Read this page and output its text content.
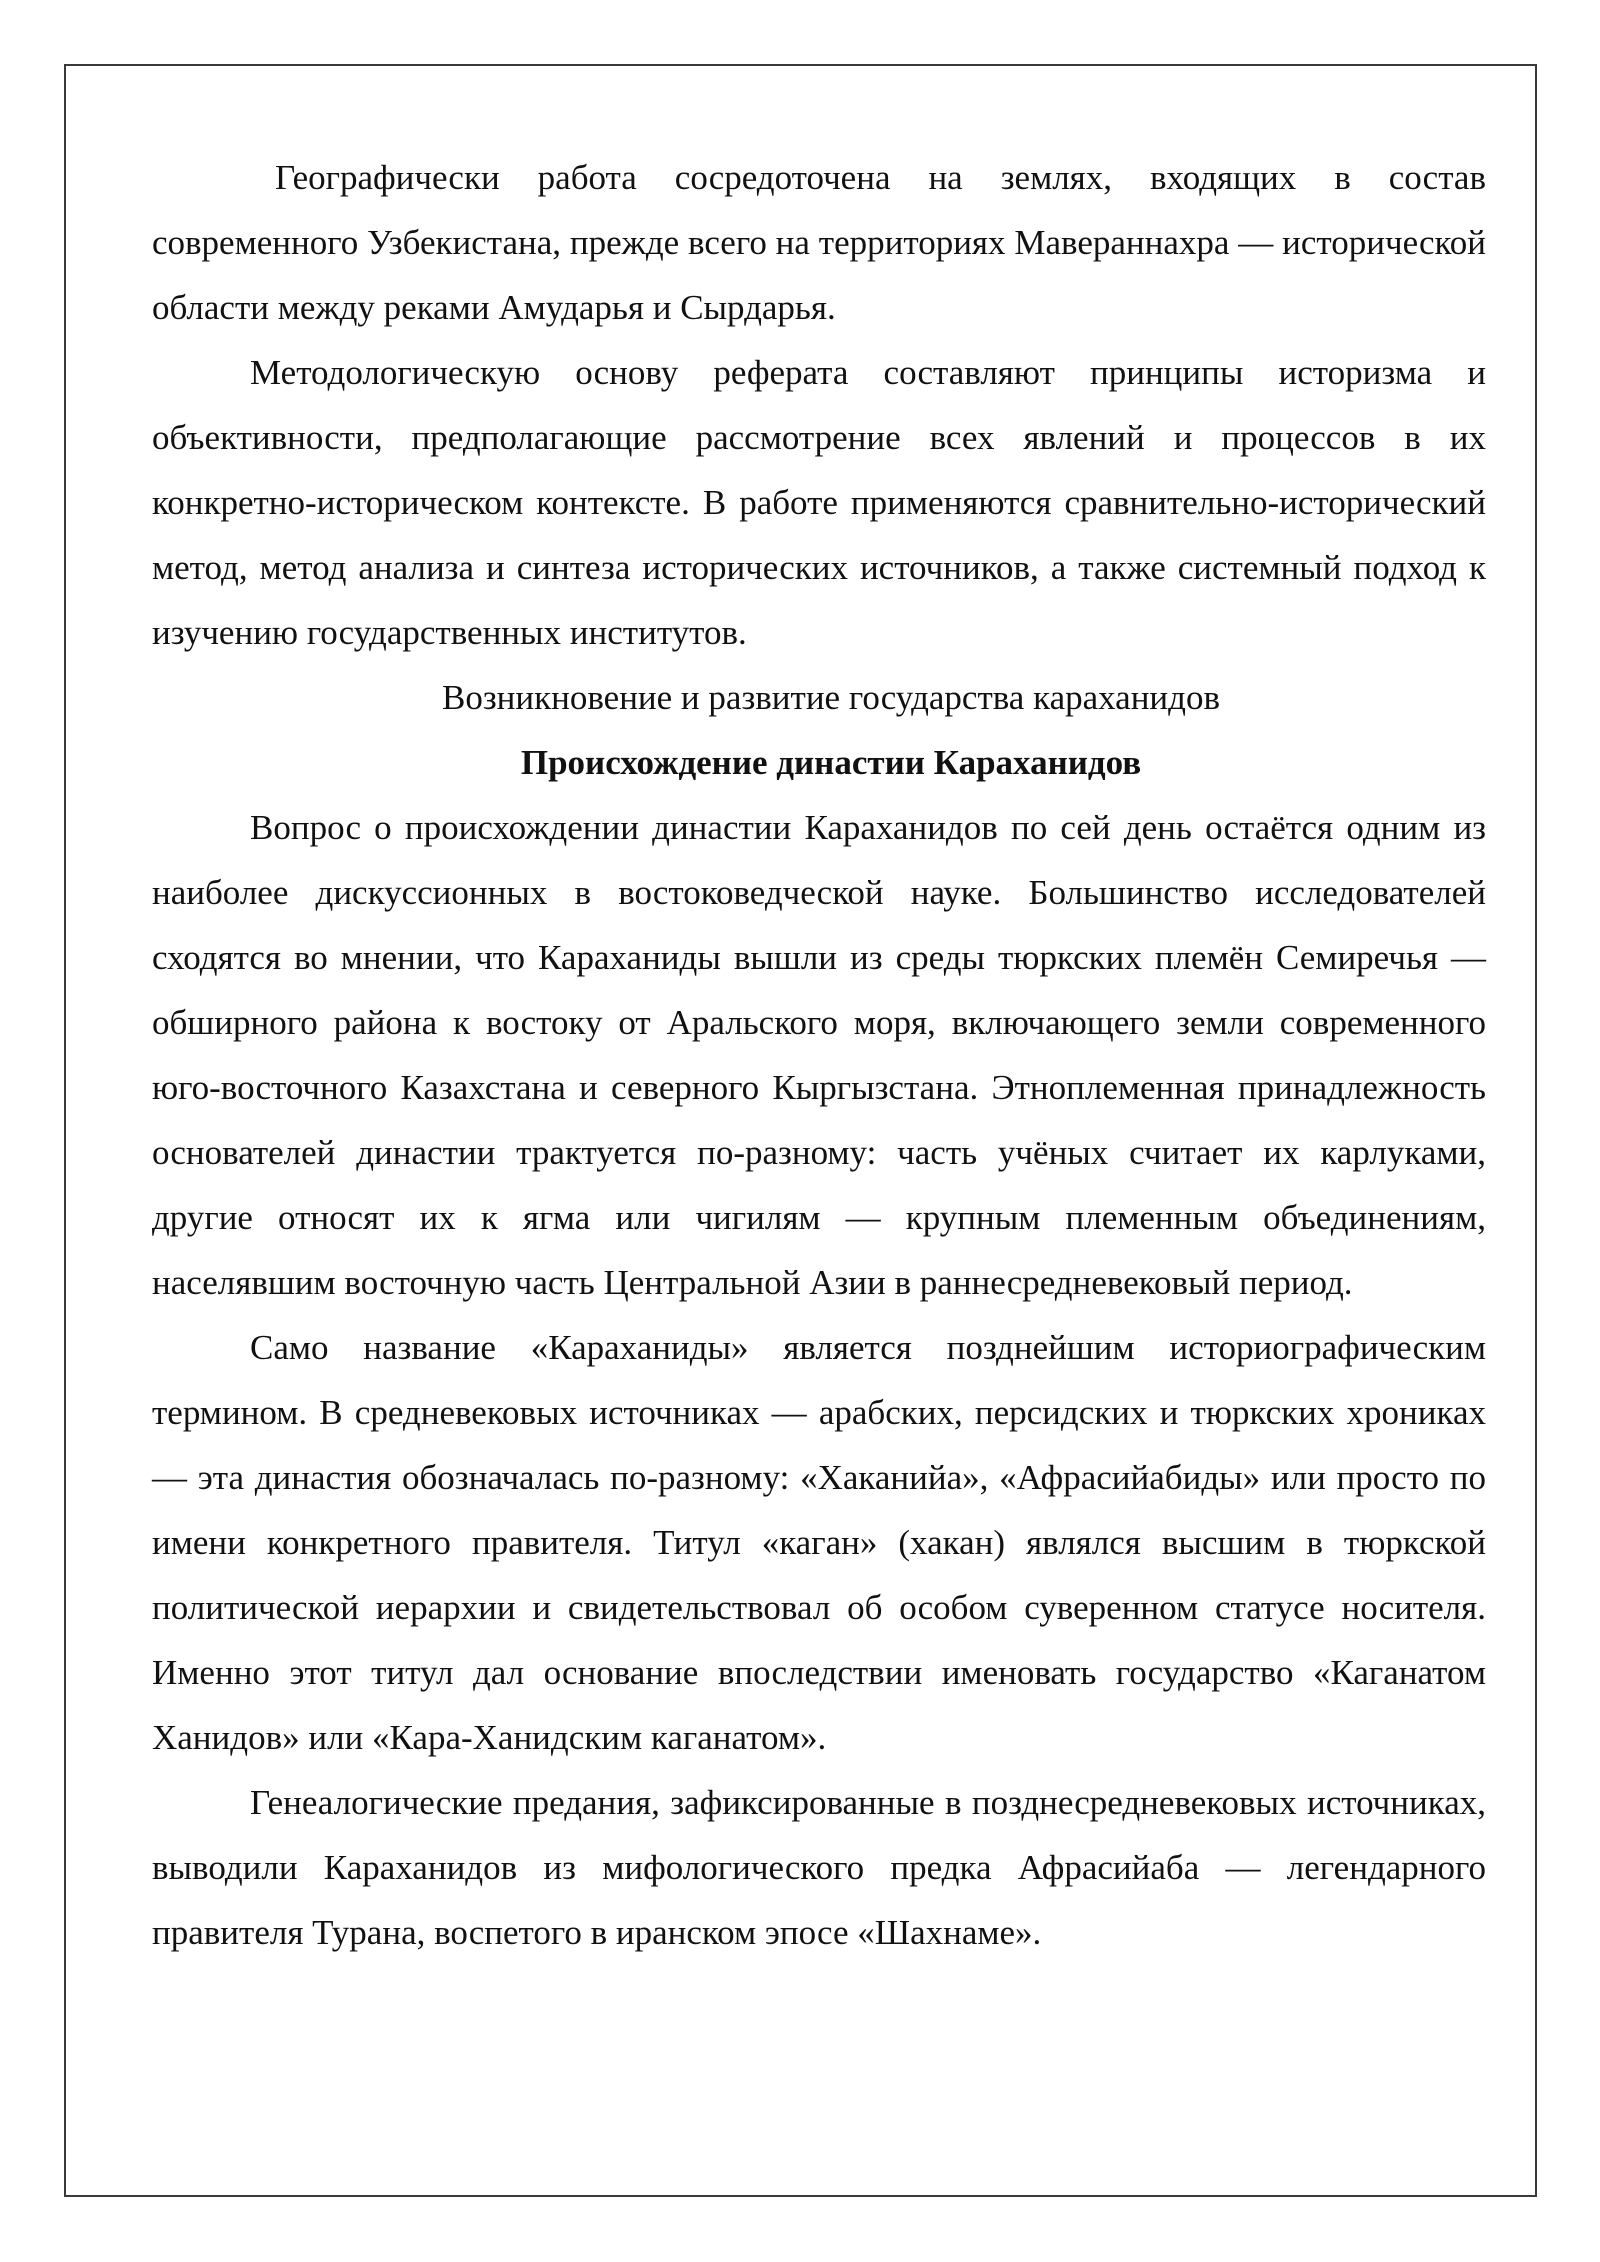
Географически работа сосредоточена на землях, входящих в состав современного Узбекистана, прежде всего на территориях Мавераннахра — исторической области между реками Амударья и Сырдарья.

Методологическую основу реферата составляют принципы историзма и объективности, предполагающие рассмотрение всех явлений и процессов в их конкретно-историческом контексте. В работе применяются сравнительно-исторический метод, метод анализа и синтеза исторических источников, а также системный подход к изучению государственных институтов.

Возникновение и развитие государства караханидов

Происхождение династии Караханидов

Вопрос о происхождении династии Караханидов по сей день остаётся одним из наиболее дискуссионных в востоковедческой науке. Большинство исследователей сходятся во мнении, что Караханиды вышли из среды тюркских племён Семиречья — обширного района к востоку от Аральского моря, включающего земли современного юго-восточного Казахстана и северного Кыргызстана. Этноплеменная принадлежность основателей династии трактуется по-разному: часть учёных считает их карлуками, другие относят их к ягма или чигилям — крупным племенным объединениям, населявшим восточную часть Центральной Азии в раннесредневековый период.

Само название «Караханиды» является позднейшим историографическим термином. В средневековых источниках — арабских, персидских и тюркских хрониках — эта династия обозначалась по-разному: «Хаканийа», «Афрасийабиды» или просто по имени конкретного правителя. Титул «каган» (хакан) являлся высшим в тюркской политической иерархии и свидетельствовал об особом суверенном статусе носителя. Именно этот титул дал основание впоследствии именовать государство «Каганатом Ханидов» или «Кара-Ханидским каганатом».

Генеалогические предания, зафиксированные в позднесредневековых источниках, выводили Караханидов из мифологического предка Афрасийаба — легендарного правителя Турана, воспетого в иранском эпосе «Шахнаме».
